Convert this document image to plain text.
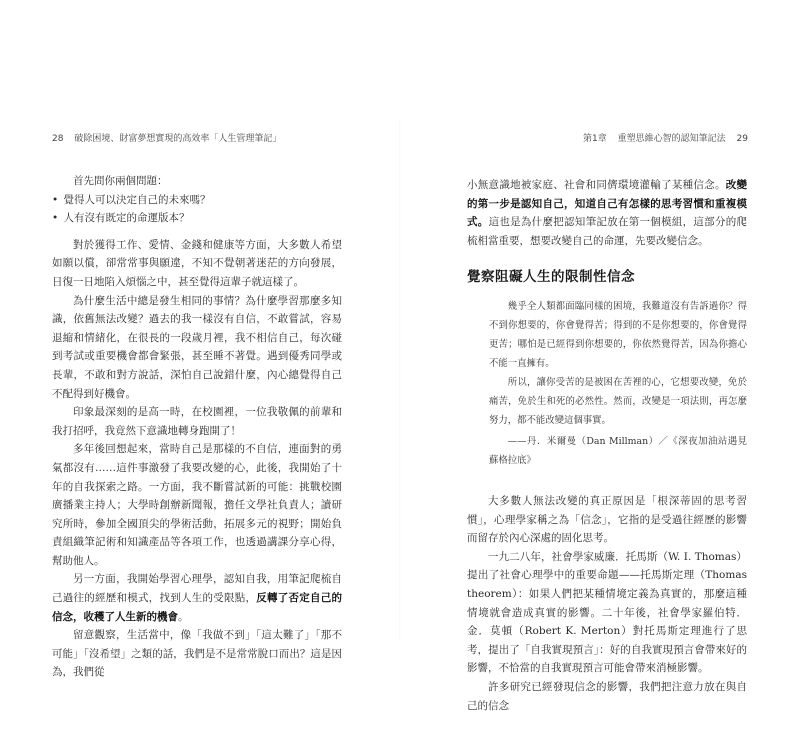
28 破除困境、財富夢想實現的高效率「人生管理筆記」

首先問你兩個問題：

• 覺得人可以決定自己的未來嗎？
• 人有沒有既定的命運版本？

對於獲得工作、愛情、金錢和健康等方面，大多數人希望如願以償，卻常常事與願違，不知不覺朝著迷茫的方向發展，日復一日地陷入煩惱之中，甚至覺得這輩子就這樣了。

為什麼生活中總是發生相同的事情？為什麼學習那麼多知識，依舊無法改變？過去的我一樣沒有自信，不敢嘗試，容易退縮和情緒化，在很長的一段歲月裡，我不相信自己，每次碰到考試或重要機會都會緊張，甚至睡不著覺。遇到優秀同學或長輩，不敢和對方說話，深怕自己說錯什麼，內心總覺得自己不配得到好機會。

印象最深刻的是高一時，在校園裡，一位我敬佩的前輩和我打招呼，我竟然下意識地轉身跑開了！

多年後回想起來，當時自己是那樣的不自信，連面對的勇氣都沒有……這件事激發了我要改變的心，此後，我開始了十年的自我探索之路。一方面，我不斷嘗試新的可能：挑戰校園廣播業主持人；大學時創辦新聞報，擔任文學社負責人；讀研究所時，參加全國頂尖的學術活動，拓展多元的視野；開始負責組織筆記術和知識產品等各項工作，也透過講課分享心得，幫助他人。

另一方面，我開始學習心理學，認知自我，用筆記爬梳自己過往的經歷和模式，找到人生的受限點，反轉了否定自己的信念，收穫了人生新的機會。

留意觀察，生活當中，像「我做不到」「這太難了」「那不可能」「沒希望」之類的話，我們是不是常常脫口而出？這是因為，我們從

第1章 重塑思維心智的認知筆記法 29

小無意識地被家庭、社會和同儕環境灌輸了某種信念。改變的第一步是認知自己，知道自己有怎樣的思考習慣和重複模式。這也是為什麼把認知筆記放在第一個模組，這部分的爬梳相當重要，想要改變自己的命運，先要改變信念。

覺察阻礙人生的限制性信念

幾乎全人類都面臨同樣的困境，我難道沒有告訴過你？得不到你想要的，你會覺得苦；得到的不是你想要的，你會覺得更苦；哪怕是已經得到你想要的，你依然覺得苦，因為你擔心不能一直擁有。

所以，讓你受苦的是被困在苦裡的心，它想要改變，免於痛苦，免於生和死的必然性。然而，改變是一項法則，再怎麼努力，都不能改變這個事實。

——丹．米爾曼（Dan Millman）／《深夜加油站遇見蘇格拉底》

大多數人無法改變的真正原因是「根深蒂固的思考習慣」，心理學家稱之為「信念」，它指的是受過往經歷的影響而留存於內心深處的固化思考。

一九二八年，社會學家威廉．托馬斯（W. I. Thomas）提出了社會心理學中的重要命題——托馬斯定理（Thomas theorem）：如果人們把某種情境定義為真實的，那麼這種情境就會造成真實的影響。二十年後，社會學家羅伯特．金．莫頓（Robert K. Merton）對托馬斯定理進行了思考，提出了「自我實現預言」：好的自我實現預言會帶來好的影響，不恰當的自我實現預言可能會帶來消極影響。

許多研究已經發現信念的影響，我們把注意力放在與自己的信念
